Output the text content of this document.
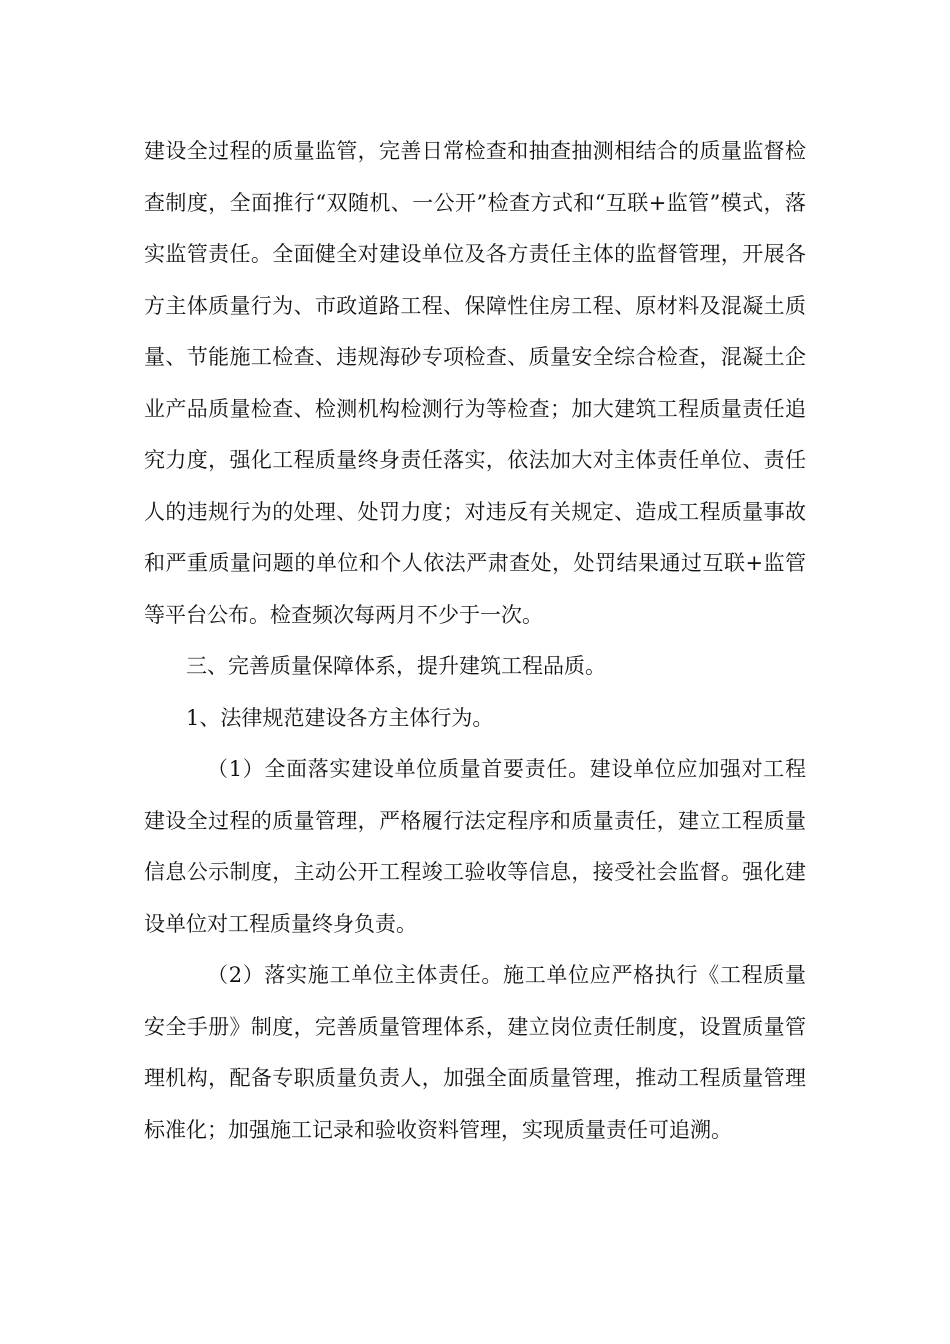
建设全过程的质量监管，完善日常检查和抽查抽测相结合的质量监督检查制度，全面推行“双随机、一公开”检查方式和“互联+监管”模式，落实监管责任。全面健全对建设单位及各方责任主体的监督管理，开展各方主体质量行为、市政道路工程、保障性住房工程、原材料及混凝土质量、节能施工检查、违规海砂专项检查、质量安全综合检查，混凝土企业产品质量检查、检测机构检测行为等检查；加大建筑工程质量责任追究力度，强化工程质量终身责任落实，依法加大对主体责任单位、责任人的违规行为的处理、处罚力度；对违反有关规定、造成工程质量事故和严重质量问题的单位和个人依法严肃查处，处罚结果通过互联+监管等平台公布。检查频次每两月不少于一次。

三、完善质量保障体系，提升建筑工程品质。

1、法律规范建设各方主体行为。

（1）全面落实建设单位质量首要责任。建设单位应加强对工程建设全过程的质量管理，严格履行法定程序和质量责任，建立工程质量信息公示制度，主动公开工程竣工验收等信息，接受社会监督。强化建设单位对工程质量终身负责。

（2）落实施工单位主体责任。施工单位应严格执行《工程质量安全手册》制度，完善质量管理体系，建立岗位责任制度，设置质量管理机构，配备专职质量负责人，加强全面质量管理，推动工程质量管理标准化；加强施工记录和验收资料管理，实现质量责任可追溯。
